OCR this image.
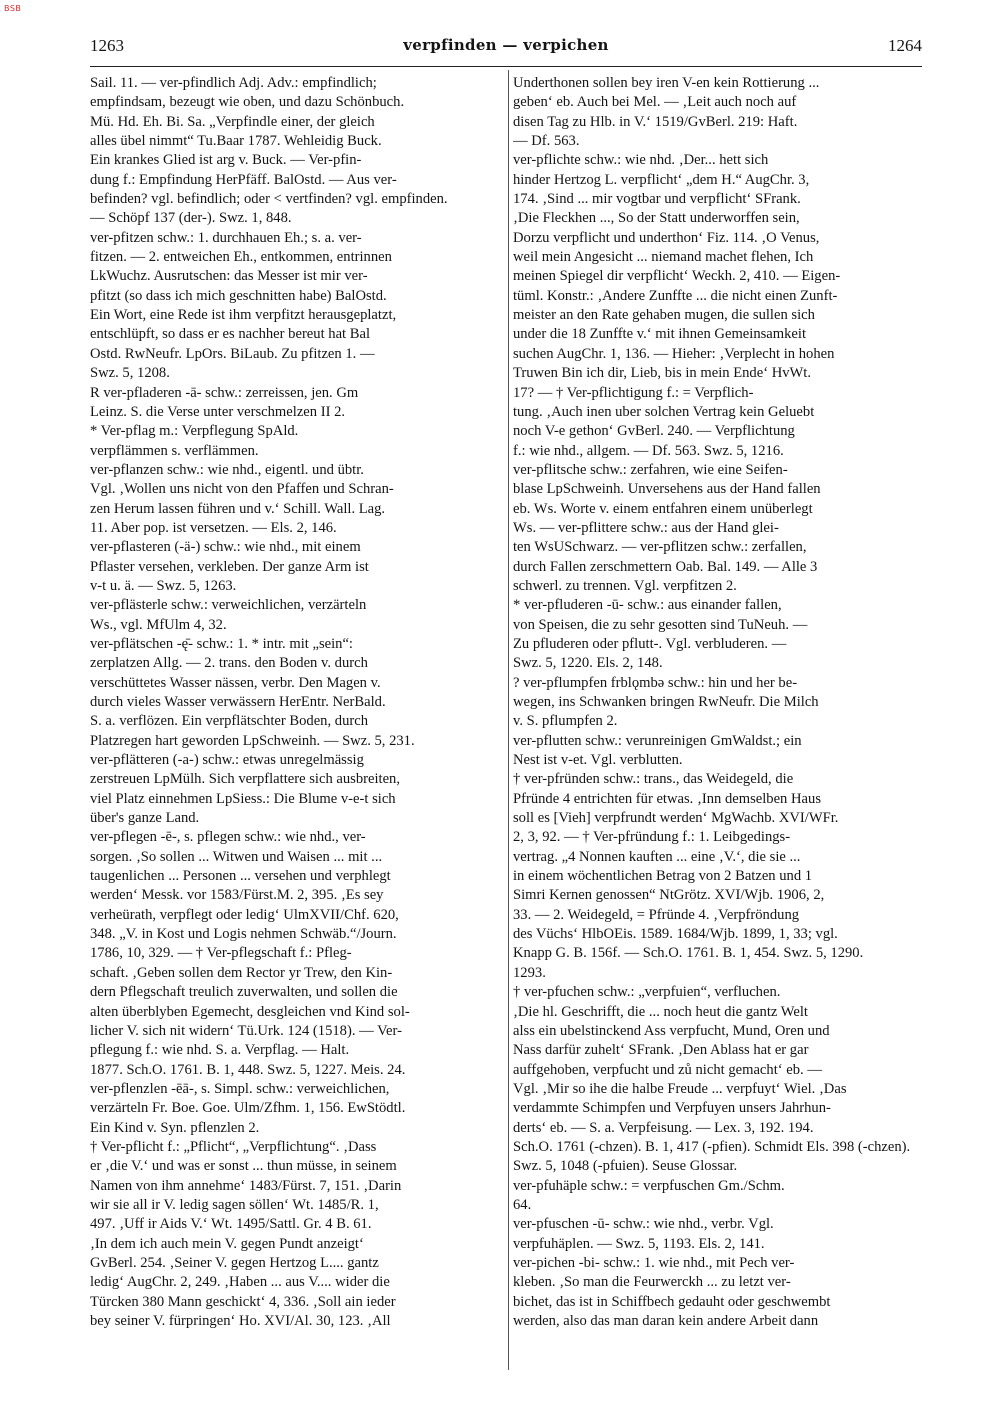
BSB
1263	verpfinden — verpichen	1264
Sail. 11. — ver-pfindlich Adj. Adv.: empfindlich;
empfindsam, bezeugt wie oben, und dazu Schönbuch.
Mü. Hd. Eh. Bi. Sa. „Verpfindle einer, der gleich
alles übel nimmt“ Tu.Baar 1787. Wehleidig Buck.
Ein krankes Glied ist arg v. Buck. — Ver-pfin-
dung f.: Empfindung HerPfäff. BalOstd. — Aus ver-
befinden? vgl. befindlich; oder < vertfinden? vgl. empfinden.
— Schöpf 137 (der-). Swz. 1, 848.
ver-pfitzen schw.: 1. durchhauen Eh.; s. a. ver-
fitzen. — 2. entweichen Eh., entkommen, entrinnen
LkWuchz. Ausrutschen: das Messer ist mir ver-
pfitzt (so dass ich mich geschnitten habe) BalOstd.
Ein Wort, eine Rede ist ihm verpfitzt herausgeplatzt,
entschlüpft, so dass er es nachher bereut hat Bal
Ostd. RwNeufr. LpOrs. BiLaub. Zu pfitzen 1. —
Swz. 5, 1208.
R ver-pfladeren -ā- schw.: zerreissen, jen. Gm
Leinz. S. die Verse unter verschmelzen II 2.
* Ver-pflag m.: Verpflegung SpAld.
verpflämmen s. verflämmen.
ver-pflanzen schw.: wie nhd., eigentl. und übtr.
Vgl. ‚Wollen uns nicht von den Pfaffen und Schran-
zen Herum lassen führen und v.‘ Schill. Wall. Lag.
11. Aber pop. ist versetzen. — Els. 2, 146.
ver-pflasteren (-ä-) schw.: wie nhd., mit einem
Pflaster versehen, verkleben. Der ganze Arm ist
v-t u. ä. — Swz. 5, 1263.
ver-pflästerle schw.: verweichlichen, verzärteln
Ws., vgl. MfUlm 4, 32.
ver-pflätschen -ę̄- schw.: 1. * intr. mit „sein“:
zerplatzen Allg. — 2. trans. den Boden v. durch
verschüttetes Wasser nässen, verbr. Den Magen v.
durch vieles Wasser verwässern HerEntr. NerBald.
S. a. verflözen. Ein verpflätschter Boden, durch
Platzregen hart geworden LpSchweinh. — Swz. 5, 231.
ver-pflätteren (-a-) schw.: etwas unregelmässig
zerstreuen LpMülh. Sich verpflattere sich ausbreiten,
viel Platz einnehmen LpSiess.: Die Blume v-e-t sich
über's ganze Land.
ver-pflegen -ē-, s. pflegen schw.: wie nhd., ver-
sorgen. ‚So sollen ... Witwen und Waisen ... mit ...
taugenlichen ... Personen ... versehen und verphlegt
werden‘ Messk. vor 1583/Fürst.M. 2, 395. ‚Es sey
verheürath, verpflegt oder ledig‘ UlmXVII/Chf. 620,
348. „V. in Kost und Logis nehmen Schwäb.“/Journ.
1786, 10, 329. — † Ver-pflegschaft f.: Pfleg-
schaft. ‚Geben sollen dem Rector yr Trew, den Kin-
dern Pflegschaft treulich zuverwalten, und sollen die
alten überblyben Egemecht, desgleichen vnd Kind sol-
licher V. sich nit widern‘ Tü.Urk. 124 (1518). — Ver-
pflegung f.: wie nhd. S. a. Verpflag. — Halt.
1877. Sch.O. 1761. B. 1, 448. Swz. 5, 1227. Meis. 24.
ver-pflenzlen -ēā-, s. Simpl. schw.: verweichlichen,
verzärteln Fr. Boe. Goe. Ulm/Zfhm. 1, 156. EwStödtl.
Ein Kind v. Syn. pflenzlen 2.
† Ver-pflicht f.: „Pflicht“, „Verpflichtung“. ‚Dass
er ‚die V.‘ und was er sonst ... thun müsse, in seinem
Namen von ihm annehme‘ 1483/Fürst. 7, 151. ‚Darin
wir sie all ir V. ledig sagen söllen‘ Wt. 1485/R. 1,
497. ‚Uff ir Aids V.‘ Wt. 1495/Sattl. Gr. 4 B. 61.
‚In dem ich auch mein V. gegen Pundt anzeigt‘
GvBerl. 254. ‚Seiner V. gegen Hertzog L.... gantz
ledig‘ AugChr. 2, 249. ‚Haben ... aus V.... wider die
Türcken 380 Mann geschickt‘ 4, 336. ‚Soll ain ieder
bey seiner V. fürpringen‘ Ho. XVI/Al. 30, 123. ‚All
Underthonen sollen bey iren V-en kein Rottierung ...
geben‘ eb. Auch bei Mel. — ‚Leit auch noch auf
disen Tag zu Hlb. in V.‘ 1519/GvBerl. 219: Haft.
— Df. 563.
ver-pflichte schw.: wie nhd. ‚Der... hett sich
hinder Hertzog L. verpflicht‘ „dem H.“ AugChr. 3,
174. ‚Sind ... mir vogtbar und verpflicht‘ SFrank.
‚Die Fleckhen ..., So der Statt underworffen sein,
Dorzu verpflicht und underthon‘ Fiz. 114. ‚O Venus,
weil mein Angesicht ... niemand machet flehen, Ich
meinen Spiegel dir verpflicht‘ Weckh. 2, 410. — Eigen-
tüml. Konstr.: ‚Andere Zunffte ... die nicht einen Zunft-
meister an den Rate gehaben mugen, die sullen sich
under die 18 Zunffte v.‘ mit ihnen Gemeinsamkeit
suchen AugChr. 1, 136. — Hieher: ‚Verplecht in hohen
Truwen Bin ich dir, Lieb, bis in mein Ende‘ HvWt.
17? — † Ver-pflichtigung f.: = Verpflich-
tung. ‚Auch inen uber solchen Vertrag kein Geluebt
noch V-e gethon‘ GvBerl. 240. — Verpflichtung
f.: wie nhd., allgem. — Df. 563. Swz. 5, 1216.
ver-pflitsche schw.: zerfahren, wie eine Seifen-
blase LpSchweinh. Unversehens aus der Hand fallen
eb. Ws. Worte v. einem entfahren einem unüberlegt
Ws. — ver-pflittere schw.: aus der Hand glei-
ten WsUSchwarz. — ver-pflitzen schw.: zerfallen,
durch Fallen zerschmettern Oab. Bal. 149. — Alle 3
schwerl. zu trennen. Vgl. verpfitzen 2.
* ver-pfluderen -ū- schw.: aus einander fallen,
von Speisen, die zu sehr gesotten sind TuNeuh. —
Zu pfluderen oder pflutt-. Vgl. verbluderen. —
Swz. 5, 1220. Els. 2, 148.
? ver-pflumpfen frblǫmbə schw.: hin und her be-
wegen, ins Schwanken bringen RwNeufr. Die Milch
v. S. pflumpfen 2.
ver-pflutten schw.: verunreinigen GmWaldst.; ein
Nest ist v-et. Vgl. verblutten.
† ver-pfründen schw.: trans., das Weidegeld, die
Pfründe 4 entrichten für etwas. ‚Inn demselben Haus
soll es [Vieh] verpfrundt werden‘ MgWachb. XVI/WFr.
2, 3, 92. — † Ver-pfründung f.: 1. Leibgedings-
vertrag. „4 Nonnen kauften ... eine ‚V.‘, die sie ...
in einem wöchentlichen Betrag von 2 Batzen und 1
Simri Kernen genossen“ NtGrötz. XVI/Wjb. 1906, 2,
33. — 2. Weidegeld, = Pfründe 4. ‚Verpfröndung
des Vüchs‘ HlbOEis. 1589. 1684/Wjb. 1899, 1, 33; vgl.
Knapp G. B. 156f. — Sch.O. 1761. B. 1, 454. Swz. 5, 1290.
1293.
† ver-pfuchen schw.: „verpfuien“, verfluchen.
‚Die hl. Geschrifft, die ... noch heut die gantz Welt
alss ein ubelstinckend Ass verpfucht, Mund, Oren und
Nass darfür zuhelt‘ SFrank. ‚Den Ablass hat er gar
auffgehoben, verpfucht und zů nicht gemacht‘ eb. —
Vgl. ‚Mir so ihe die halbe Freude ... verpfuyt‘ Wiel. ‚Das
verdammte Schimpfen und Verpfuyen unsers Jahrhun-
derts‘ eb. — S. a. Verpfeisung. — Lex. 3, 192. 194.
Sch.O. 1761 (-chzen). B. 1, 417 (-pfien). Schmidt Els. 398 (-chzen).
Swz. 5, 1048 (-pfuien). Seuse Glossar.
ver-pfuhäple schw.: = verpfuschen Gm./Schm.
64.
ver-pfuschen -ū- schw.: wie nhd., verbr. Vgl.
verpfuhäplen. — Swz. 5, 1193. Els. 2, 141.
ver-pichen -bi- schw.: 1. wie nhd., mit Pech ver-
kleben. ‚So man die Feurwerckh ... zu letzt ver-
bichet, das ist in Schiffbech gedauht oder geschwembt
werden, also das man daran kein andere Arbeit dann
